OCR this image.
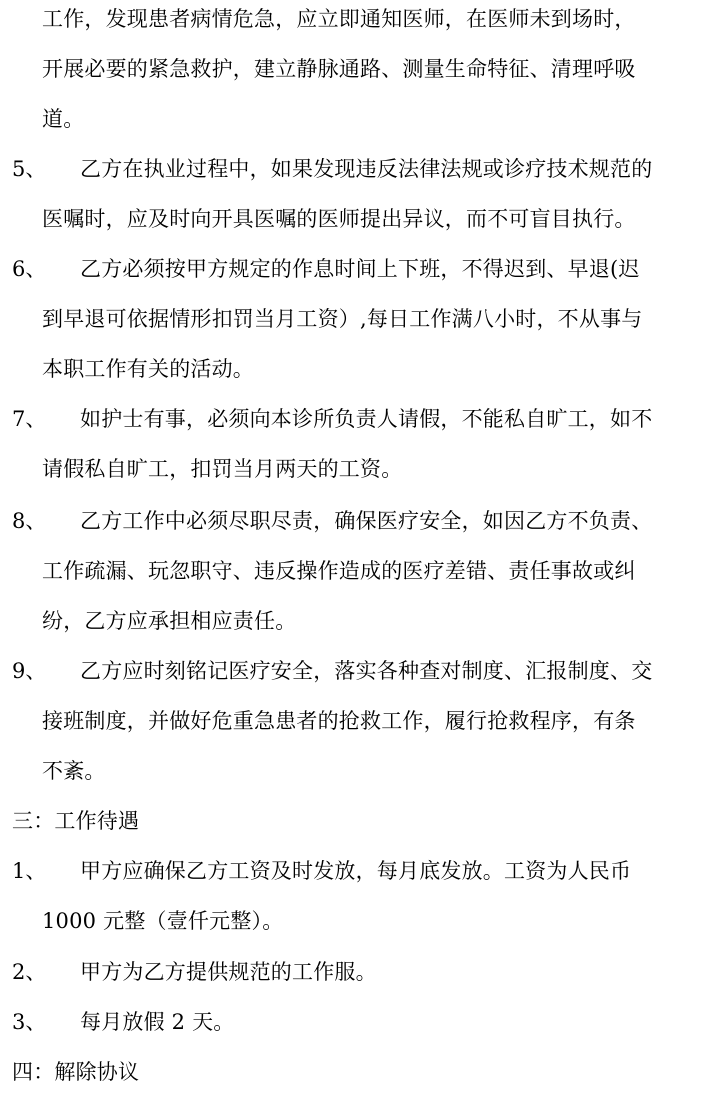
工作，发现患者病情危急，应立即通知医师，在医师未到场时，
开展必要的紧急救护，建立静脉通路、测量生命特征、清理呼吸
道。
5、 乙方在执业过程中，如果发现违反法律法规或诊疗技术规范的
医嘱时，应及时向开具医嘱的医师提出异议，而不可盲目执行。
6、 乙方必须按甲方规定的作息时间上下班，不得迟到、早退(迟
到早退可依据情形扣罚当月工资）,每日工作满八小时，不从事与
本职工作有关的活动。
7、 如护士有事，必须向本诊所负责人请假，不能私自旷工，如不
请假私自旷工，扣罚当月两天的工资。
8、 乙方工作中必须尽职尽责，确保医疗安全，如因乙方不负责、
工作疏漏、玩忽职守、违反操作造成的医疗差错、责任事故或纠
纷，乙方应承担相应责任。
9、 乙方应时刻铭记医疗安全，落实各种查对制度、汇报制度、交
接班制度，并做好危重急患者的抢救工作，履行抢救程序，有条
不紊。
三：工作待遇
1、 甲方应确保乙方工资及时发放，每月底发放。工资为人民币
1000 元整（壹仟元整）。
2、 甲方为乙方提供规范的工作服。
3、 每月放假 2 天。
四：解除协议
